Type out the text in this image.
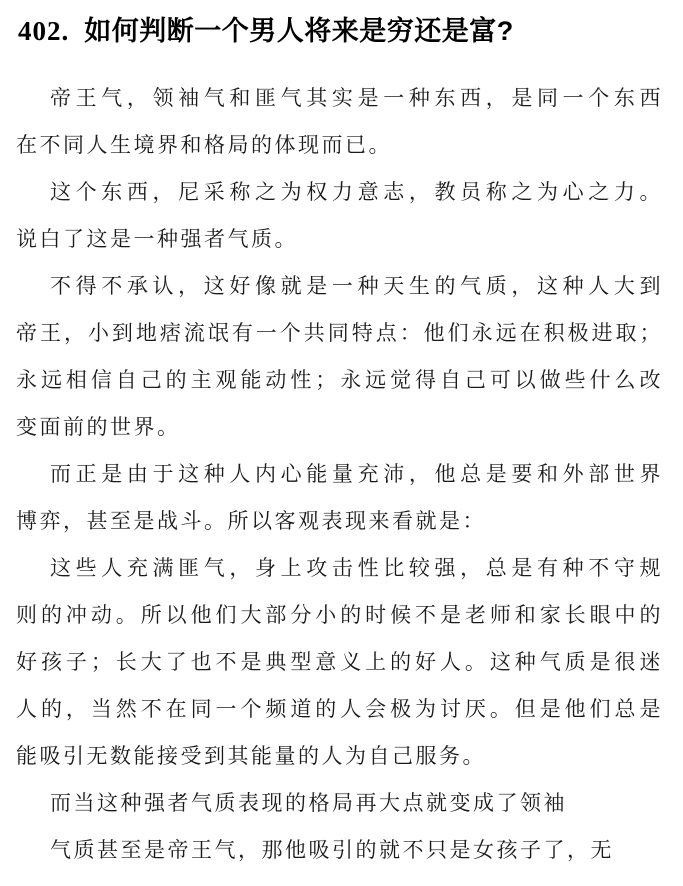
402. 如何判断一个男人将来是穷还是富?
帝王气，领袖气和匪气其实是一种东西，是同一个东西
在不同人生境界和格局的体现而已。
这个东西，尼采称之为权力意志，教员称之为心之力。
说白了这是一种强者气质。
不得不承认，这好像就是一种天生的气质，这种人大到
帝王，小到地痞流氓有一个共同特点：他们永远在积极进取；
永远相信自己的主观能动性；永远觉得自己可以做些什么改
变面前的世界。
而正是由于这种人内心能量充沛，他总是要和外部世界
博弈，甚至是战斗。所以客观表现来看就是：
这些人充满匪气，身上攻击性比较强，总是有种不守规
则的冲动。所以他们大部分小的时候不是老师和家长眼中的
好孩子；长大了也不是典型意义上的好人。这种气质是很迷
人的，当然不在同一个频道的人会极为讨厌。但是他们总是
能吸引无数能接受到其能量的人为自己服务。
而当这种强者气质表现的格局再大点就变成了领袖
气质甚至是帝王气，那他吸引的就不只是女孩子了，无
